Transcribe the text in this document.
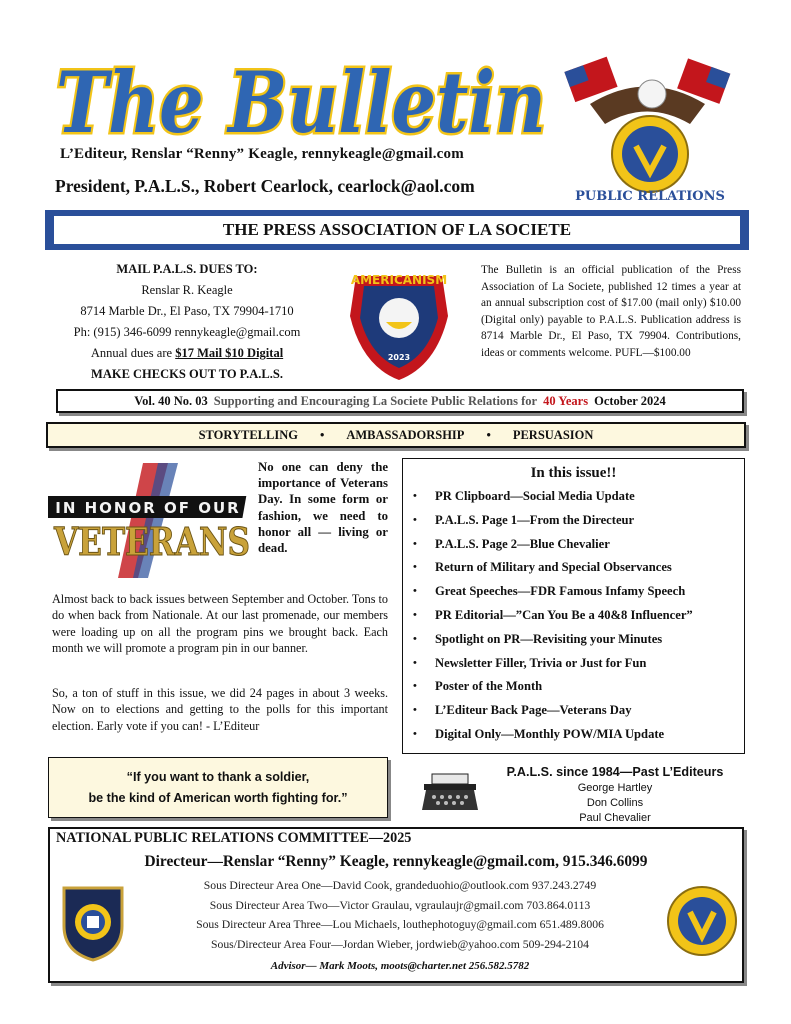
The Bulletin
L’Editeur, Renslar “Renny” Keagle, rennykeagle@gmail.com
President, P.A.L.S., Robert Cearlock, cearlock@aol.com
PUBLIC RELATIONS
THE PRESS ASSOCIATION OF LA SOCIETE
MAIL P.A.L.S. DUES TO:
Renslar R. Keagle
8714 Marble Dr., El Paso, TX 79904-1710
Ph: (915) 346-6099 rennykeagle@gmail.com
Annual dues are $17 Mail $10 Digital
MAKE CHECKS OUT TO P.A.L.S.
AMERICANISM
2023
The Bulletin is an official publication of the Press Association of La Societe, published 12 times a year at an annual subscription cost of $17.00 (mail only) $10.00 (Digital only) payable to P.A.L.S. Publication address is 8714 Marble Dr., El Paso, TX 79904. Contributions, ideas or comments welcome. PUFL—$100.00
Vol. 40 No. 03 Supporting and Encouraging La Societe Public Relations for 40 Years October 2024
STORYTELLING • AMBASSADORSHIP • PERSUASION
IN HONOR OF OUR
VETERANS
No one can deny the importance of Veterans Day. In some form or fashion, we need to honor all — living or dead.
Almost back to back issues between September and October. Tons to do when back from Nationale. At our last promenade, our members were loading up on all the program pins we brought back. Each month we will promote a program pin in our banner.
So, a ton of stuff in this issue, we did 24 pages in about 3 weeks. Now on to elections and getting to the polls for this important election. Early vote if you can! - L’Editeur
In this issue!!
•	PR Clipboard—Social Media Update
•	P.A.L.S. Page 1—From the Directeur
•	P.A.L.S. Page 2—Blue Chevalier
•	Return of Military and Special Observances
•	Great Speeches—FDR Famous Infamy Speech
•	PR Editorial—”Can You Be a 40&8 Influencer”
•	Spotlight on PR—Revisiting your Minutes
•	Newsletter Filler, Trivia or Just for Fun
•	Poster of the Month
•	L’Editeur Back Page—Veterans Day
•	Digital Only—Monthly POW/MIA Update
“If you want to thank a soldier,
be the kind of American worth fighting for.”
P.A.L.S. since 1984—Past L’Editeurs
George Hartley
Don Collins
Paul Chevalier
NATIONAL PUBLIC RELATIONS COMMITTEE—2025
Directeur—Renslar “Renny” Keagle, rennykeagle@gmail.com, 915.346.6099
Sous Directeur Area One—David Cook, grandeduohio@outlook.com 937.243.2749
Sous Directeur Area Two—Victor Graulau, vgraulaujr@gmail.com 703.864.0113
Sous Directeur Area Three—Lou Michaels, louthephotoguy@gmail.com 651.489.8006
Sous/Directeur Area Four—Jordan Wieber, jordwieb@yahoo.com 509-294-2104
Advisor— Mark Moots, moots@charter.net 256.582.5782
